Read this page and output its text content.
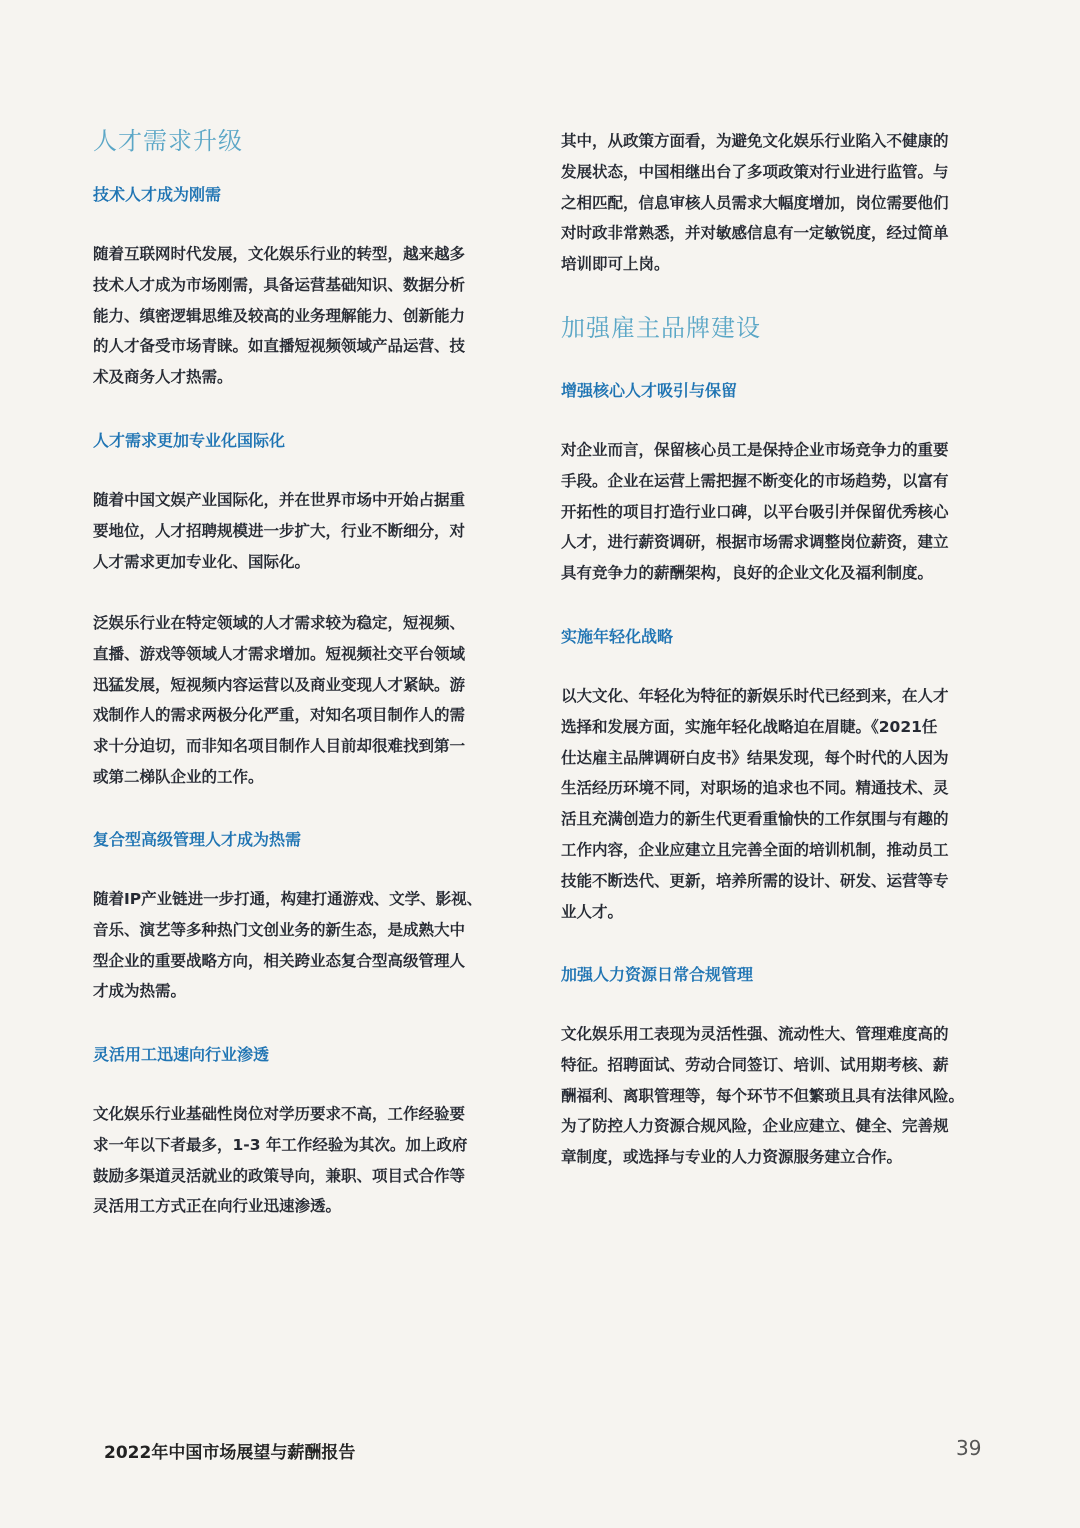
人才需求升级
技术人才成为刚需
随着互联网时代发展，文化娱乐行业的转型，越来越多
技术人才成为市场刚需，具备运营基础知识、数据分析
能力、缜密逻辑思维及较高的业务理解能力、创新能力
的人才备受市场青睐。如直播短视频领域产品运营、技
术及商务人才热需。
人才需求更加专业化国际化
随着中国文娱产业国际化，并在世界市场中开始占据重
要地位，人才招聘规模进一步扩大，行业不断细分，对
人才需求更加专业化、国际化。
泛娱乐行业在特定领域的人才需求较为稳定，短视频、
直播、游戏等领域人才需求增加。短视频社交平台领域
迅猛发展，短视频内容运营以及商业变现人才紧缺。游
戏制作人的需求两极分化严重，对知名项目制作人的需
求十分迫切，而非知名项目制作人目前却很难找到第一
或第二梯队企业的工作。
复合型高级管理人才成为热需
随着IP产业链进一步打通，构建打通游戏、文学、影视、
音乐、演艺等多种热门文创业务的新生态，是成熟大中
型企业的重要战略方向，相关跨业态复合型高级管理人
才成为热需。
灵活用工迅速向行业渗透
文化娱乐行业基础性岗位对学历要求不高，工作经验要
求一年以下者最多，1-3 年工作经验为其次。加上政府
鼓励多渠道灵活就业的政策导向，兼职、项目式合作等
灵活用工方式正在向行业迅速渗透。
其中，从政策方面看，为避免文化娱乐行业陷入不健康的
发展状态，中国相继出台了多项政策对行业进行监管。与
之相匹配，信息审核人员需求大幅度增加，岗位需要他们
对时政非常熟悉，并对敏感信息有一定敏锐度，经过简单
培训即可上岗。
加强雇主品牌建设
增强核心人才吸引与保留
对企业而言，保留核心员工是保持企业市场竞争力的重要
手段。企业在运营上需把握不断变化的市场趋势，以富有
开拓性的项目打造行业口碑，以平台吸引并保留优秀核心
人才，进行薪资调研，根据市场需求调整岗位薪资，建立
具有竞争力的薪酬架构，良好的企业文化及福利制度。
实施年轻化战略
以大文化、年轻化为特征的新娱乐时代已经到来，在人才
选择和发展方面，实施年轻化战略迫在眉睫。《2021任
仕达雇主品牌调研白皮书》结果发现，每个时代的人因为
生活经历环境不同，对职场的追求也不同。精通技术、灵
活且充满创造力的新生代更看重愉快的工作氛围与有趣的
工作内容，企业应建立且完善全面的培训机制，推动员工
技能不断迭代、更新，培养所需的设计、研发、运营等专
业人才。
加强人力资源日常合规管理
文化娱乐用工表现为灵活性强、流动性大、管理难度高的
特征。招聘面试、劳动合同签订、培训、试用期考核、薪
酬福利、离职管理等，每个环节不但繁琐且具有法律风险。
为了防控人力资源合规风险，企业应建立、健全、完善规
章制度，或选择与专业的人力资源服务建立合作。

2022年中国市场展望与薪酬报告	39
